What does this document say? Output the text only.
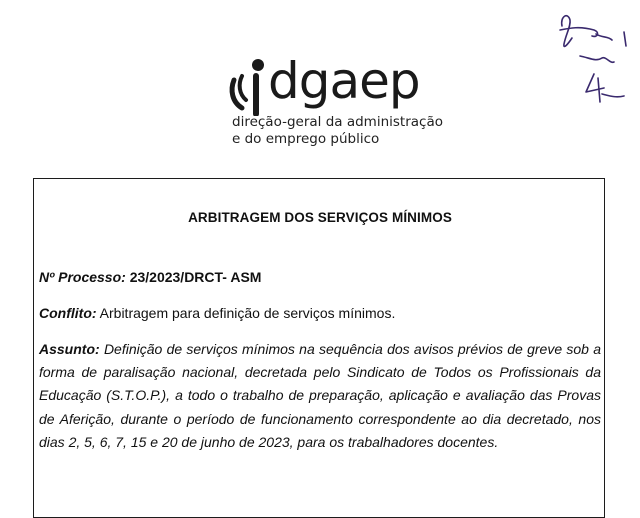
dgaep
direção-geral da administração
e do emprego público
ARBITRAGEM DOS SERVIÇOS MÍNIMOS
Nº Processo: 23/2023/DRCT- ASM
Conflito: Arbitragem para definição de serviços mínimos.
Assunto: Definição de serviços mínimos na sequência dos avisos prévios de greve sob a
forma de paralisação nacional, decretada pelo Sindicato de Todos os Profissionais da
Educação (S.T.O.P.), a todo o trabalho de preparação, aplicação e avaliação das Provas
de Aferição, durante o período de funcionamento correspondente ao dia decretado, nos
dias 2, 5, 6, 7, 15 e 20 de junho de 2023, para os trabalhadores docentes.
